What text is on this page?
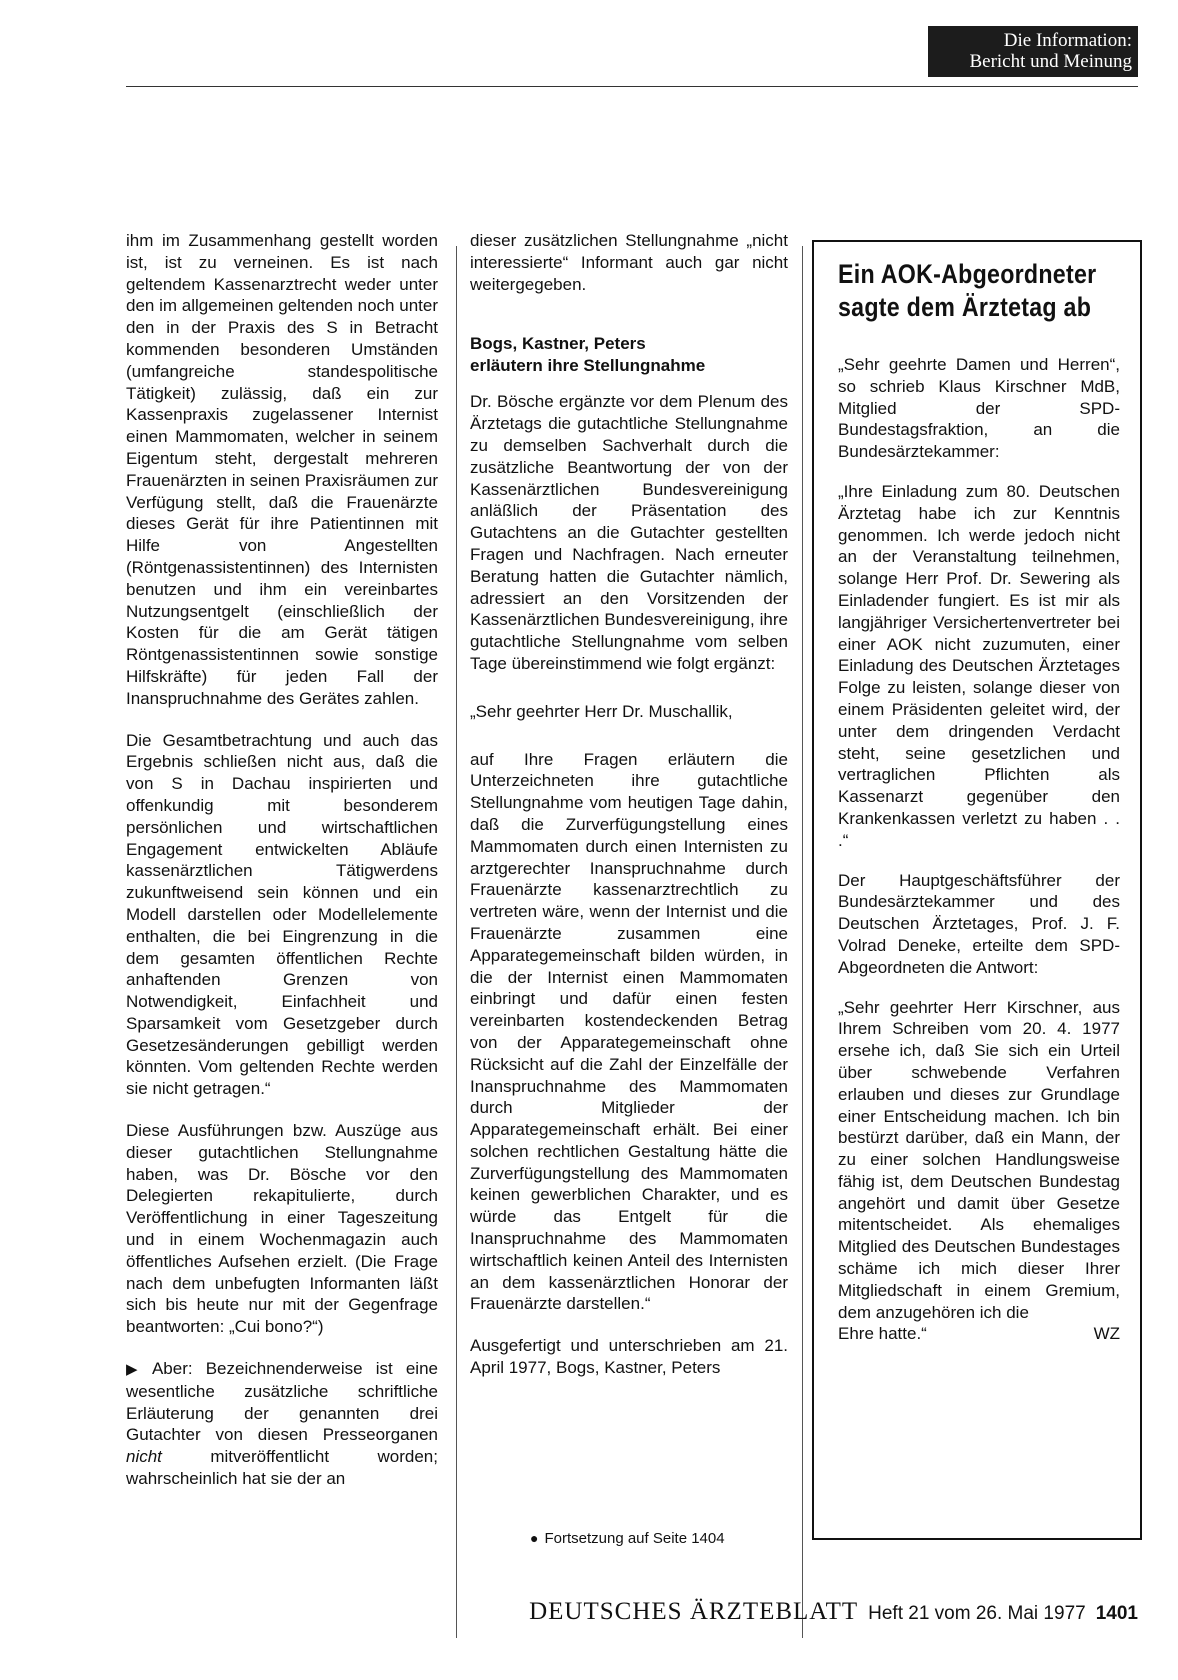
Die Information:
Bericht und Meinung

ihm im Zusammenhang gestellt worden ist, ist zu verneinen. Es ist nach geltendem Kassenarztrecht weder unter den im allgemeinen geltenden noch unter den in der Praxis des S in Betracht kommenden besonderen Umständen (umfangreiche standespolitische Tätigkeit) zulässig, daß ein zur Kassenpraxis zugelassener Internist einen Mammomaten, welcher in seinem Eigentum steht, dergestalt mehreren Frauenärzten in seinen Praxisräumen zur Verfügung stellt, daß die Frauenärzte dieses Gerät für ihre Patientinnen mit Hilfe von Angestellten (Röntgenassistentinnen) des Internisten benutzen und ihm ein vereinbartes Nutzungsentgelt (einschließlich der Kosten für die am Gerät tätigen Röntgenassistentinnen sowie sonstige Hilfskräfte) für jeden Fall der Inanspruchnahme des Gerätes zahlen.

Die Gesamtbetrachtung und auch das Ergebnis schließen nicht aus, daß die von S in Dachau inspirierten und offenkundig mit besonderem persönlichen und wirtschaftlichen Engagement entwickelten Abläufe kassenärztlichen Tätigwerdens zukunftweisend sein können und ein Modell darstellen oder Modellelemente enthalten, die bei Eingrenzung in die dem gesamten öffentlichen Rechte anhaftenden Grenzen von Notwendigkeit, Einfachheit und Sparsamkeit vom Gesetzgeber durch Gesetzesänderungen gebilligt werden könnten. Vom geltenden Rechte werden sie nicht getragen.“

Diese Ausführungen bzw. Auszüge aus dieser gutachtlichen Stellungnahme haben, was Dr. Bösche vor den Delegierten rekapitulierte, durch Veröffentlichung in einer Tageszeitung und in einem Wochenmagazin auch öffentliches Aufsehen erzielt. (Die Frage nach dem unbefugten Informanten läßt sich bis heute nur mit der Gegenfrage beantworten: „Cui bono?“)

▶ Aber: Bezeichnenderweise ist eine wesentliche zusätzliche schriftliche Erläuterung der genannten drei Gutachter von diesen Presseorganen nicht mitveröffentlicht worden; wahrscheinlich hat sie der an

dieser zusätzlichen Stellungnahme „nicht interessierte“ Informant auch gar nicht weitergegeben.

Bogs, Kastner, Peters
erläutern ihre Stellungnahme

Dr. Bösche ergänzte vor dem Plenum des Ärztetags die gutachtliche Stellungnahme zu demselben Sachverhalt durch die zusätzliche Beantwortung der von der Kassenärztlichen Bundesvereinigung anläßlich der Präsentation des Gutachtens an die Gutachter gestellten Fragen und Nachfragen. Nach erneuter Beratung hatten die Gutachter nämlich, adressiert an den Vorsitzenden der Kassenärztlichen Bundesvereinigung, ihre gutachtliche Stellungnahme vom selben Tage übereinstimmend wie folgt ergänzt:

„Sehr geehrter Herr Dr. Muschallik,

auf Ihre Fragen erläutern die Unterzeichneten ihre gutachtliche Stellungnahme vom heutigen Tage dahin, daß die Zurverfügungstellung eines Mammomaten durch einen Internisten zu arztgerechter Inanspruchnahme durch Frauenärzte kassenarztrechtlich zu vertreten wäre, wenn der Internist und die Frauenärzte zusammen eine Apparategemeinschaft bilden würden, in die der Internist einen Mammomaten einbringt und dafür einen festen vereinbarten kostendeckenden Betrag von der Apparategemeinschaft ohne Rücksicht auf die Zahl der Einzelfälle der Inanspruchnahme des Mammomaten durch Mitglieder der Apparategemeinschaft erhält. Bei einer solchen rechtlichen Gestaltung hätte die Zurverfügungstellung des Mammomaten keinen gewerblichen Charakter, und es würde das Entgelt für die Inanspruchnahme des Mammomaten wirtschaftlich keinen Anteil des Internisten an dem kassenärztlichen Honorar der Frauenärzte darstellen.“

Ausgefertigt und unterschrieben am 21. April 1977, Bogs, Kastner, Peters

● Fortsetzung auf Seite 1404
Ein AOK-Abgeordneter
sagte dem Ärztetag ab

„Sehr geehrte Damen und Herren“, so schrieb Klaus Kirschner MdB, Mitglied der SPD-Bundestagsfraktion, an die Bundesärztekammer:

„Ihre Einladung zum 80. Deutschen Ärztetag habe ich zur Kenntnis genommen. Ich werde jedoch nicht an der Veranstaltung teilnehmen, solange Herr Prof. Dr. Sewering als Einladender fungiert. Es ist mir als langjähriger Versichertenvertreter bei einer AOK nicht zuzumuten, einer Einladung des Deutschen Ärztetages Folge zu leisten, solange dieser von einem Präsidenten geleitet wird, der unter dem dringenden Verdacht steht, seine gesetzlichen und vertraglichen Pflichten als Kassenarzt gegenüber den Krankenkassen verletzt zu haben . . .“

Der Hauptgeschäftsführer der Bundesärztekammer und des Deutschen Ärztetages, Prof. J. F. Volrad Deneke, erteilte dem SPD-Abgeordneten die Antwort:

„Sehr geehrter Herr Kirschner, aus Ihrem Schreiben vom 20. 4. 1977 ersehe ich, daß Sie sich ein Urteil über schwebende Verfahren erlauben und dieses zur Grundlage einer Entscheidung machen. Ich bin bestürzt darüber, daß ein Mann, der zu einer solchen Handlungsweise fähig ist, dem Deutschen Bundestag angehört und damit über Gesetze mitentscheidet. Als ehemaliges Mitglied des Deutschen Bundestages schäme ich mich dieser Ihrer Mitgliedschaft in einem Gremium, dem anzugehören ich die

Ehre hatte.“	WZ
DEUTSCHES ÄRZTEBLATT Heft 21 vom 26. Mai 1977 1401
